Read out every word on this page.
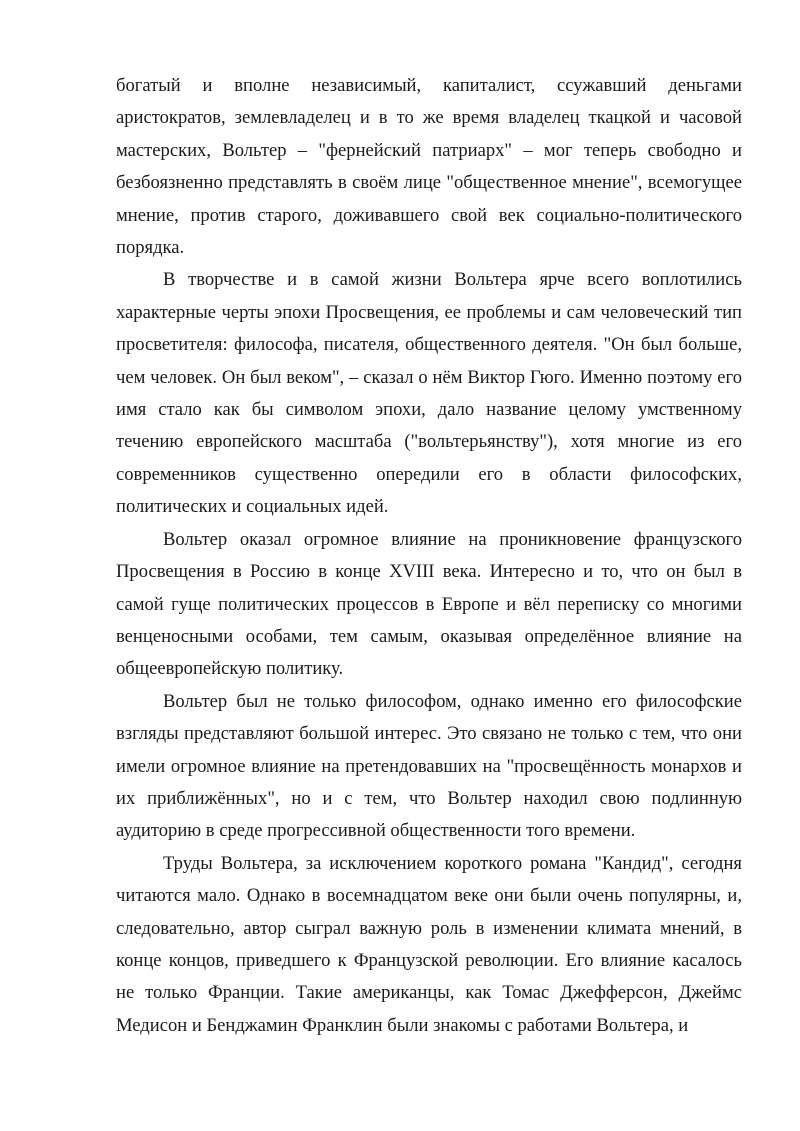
богатый и вполне независимый, капиталист, ссужавший деньгами аристократов, землевладелец и в то же время владелец ткацкой и часовой мастерских, Вольтер – "фернейский патриарх" – мог теперь свободно и безбоязненно представлять в своём лице "общественное мнение", всемогущее мнение, против старого, доживавшего свой век социально-политического порядка.

В творчестве и в самой жизни Вольтера ярче всего воплотились характерные черты эпохи Просвещения, ее проблемы и сам человеческий тип просветителя: философа, писателя, общественного деятеля. "Он был больше, чем человек. Он был веком", – сказал о нём Виктор Гюго. Именно поэтому его имя стало как бы символом эпохи, дало название целому умственному течению европейского масштаба ("вольтерьянству"), хотя многие из его современников существенно опередили его в области философских, политических и социальных идей.

Вольтер оказал огромное влияние на проникновение французского Просвещения в Россию в конце XVIII века. Интересно и то, что он был в самой гуще политических процессов в Европе и вёл переписку со многими венценосными особами, тем самым, оказывая определённое влияние на общеевропейскую политику.

Вольтер был не только философом, однако именно его философские взгляды представляют большой интерес. Это связано не только с тем, что они имели огромное влияние на претендовавших на "просвещённость монархов и их приближённых", но и с тем, что Вольтер находил свою подлинную аудиторию в среде прогрессивной общественности того времени.

Труды Вольтера, за исключением короткого романа "Кандид", сегодня читаются мало. Однако в восемнадцатом веке они были очень популярны, и, следовательно, автор сыграл важную роль в изменении климата мнений, в конце концов, приведшего к Французской революции. Его влияние касалось не только Франции. Такие американцы, как Томас Джефферсон, Джеймс Медисон и Бенджамин Франклин были знакомы с работами Вольтера, и
